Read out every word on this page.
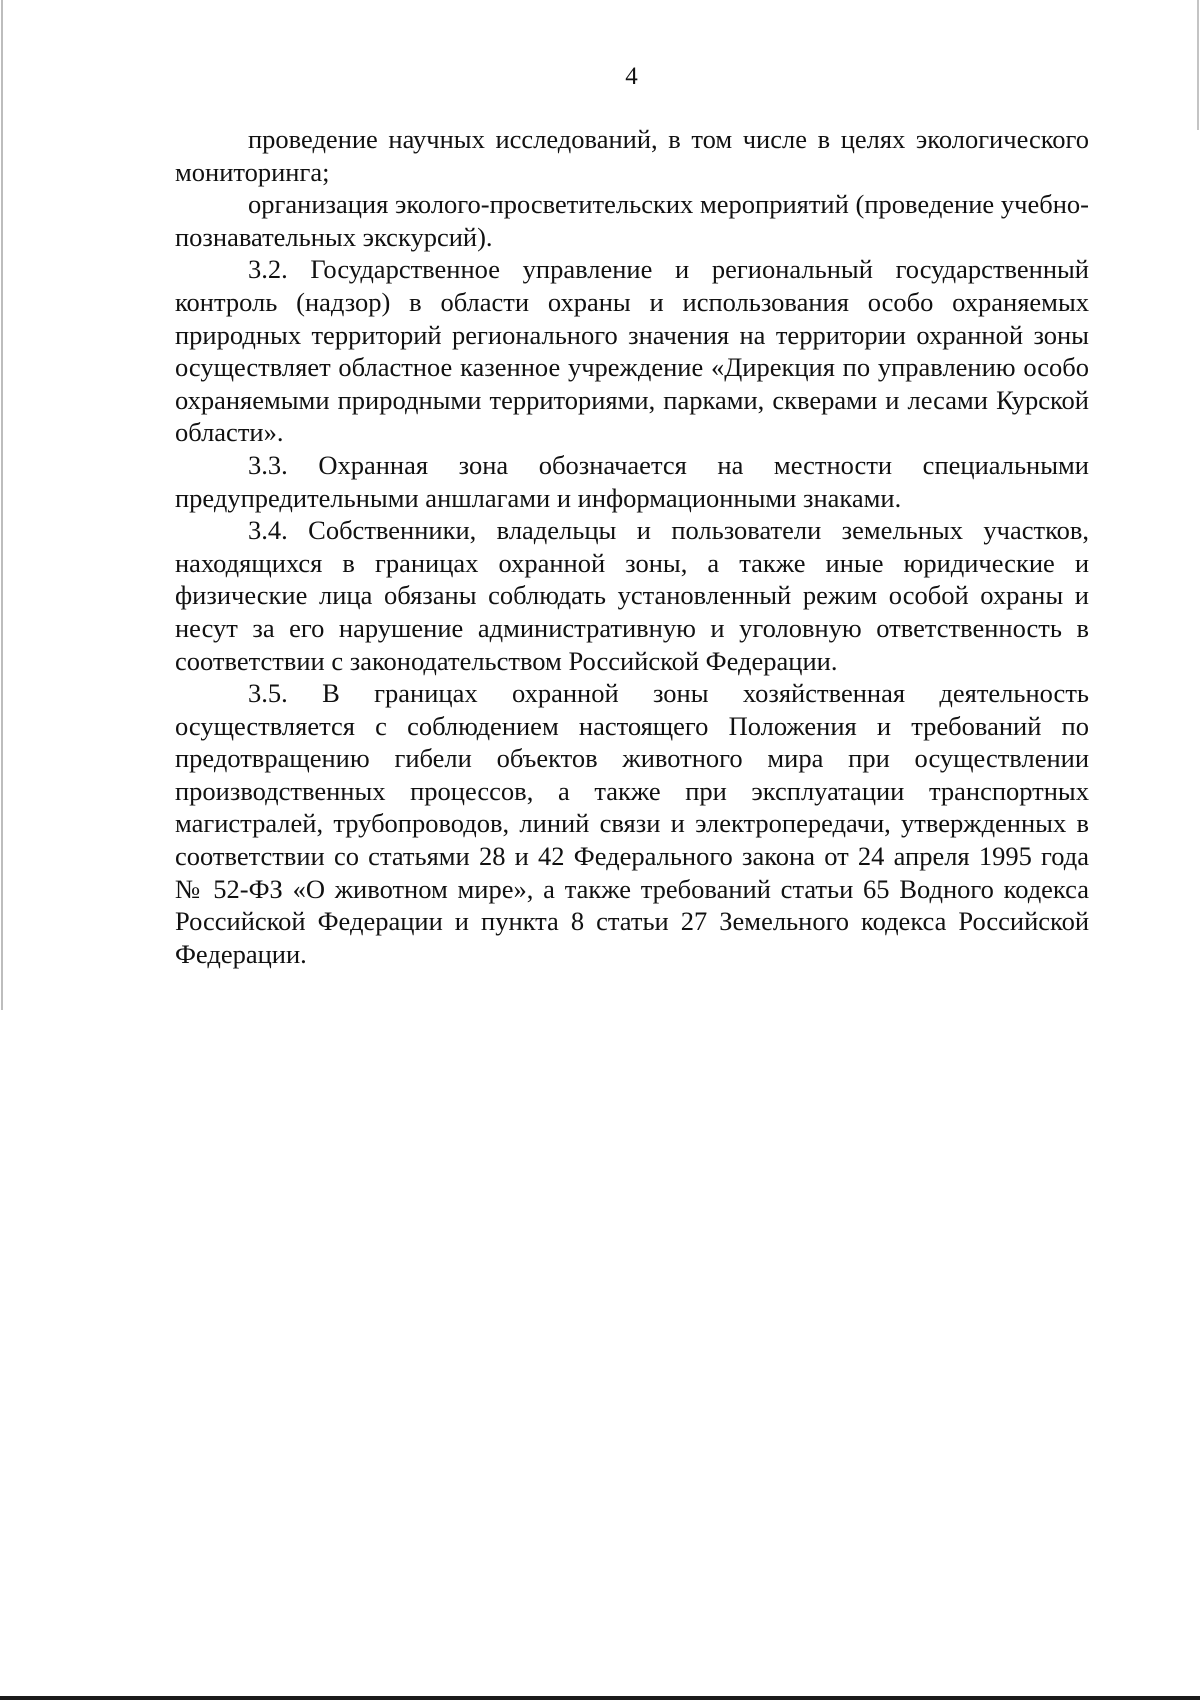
4

проведение научных исследований, в том числе в целях экологического мониторинга;

организация эколого-просветительских мероприятий (проведение учебно-познавательных экскурсий).

3.2. Государственное управление и региональный государственный контроль (надзор) в области охраны и использования особо охраняемых природных территорий регионального значения на территории охранной зоны осуществляет областное казенное учреждение «Дирекция по управлению особо охраняемыми природными территориями, парками, скверами и лесами Курской области».

3.3. Охранная зона обозначается на местности специальными предупредительными аншлагами и информационными знаками.

3.4. Собственники, владельцы и пользователи земельных участков, находящихся в границах охранной зоны, а также иные юридические и физические лица обязаны соблюдать установленный режим особой охраны и несут за его нарушение административную и уголовную ответственность в соответствии с законодательством Российской Федерации.

3.5. В границах охранной зоны хозяйственная деятельность осуществляется с соблюдением настоящего Положения и требований по предотвращению гибели объектов животного мира при осуществлении производственных процессов, а также при эксплуатации транспортных магистралей, трубопроводов, линий связи и электропередачи, утвержденных в соответствии со статьями 28 и 42 Федерального закона от 24 апреля 1995 года № 52-ФЗ «О животном мире», а также требований статьи 65 Водного кодекса Российской Федерации и пункта 8 статьи 27 Земельного кодекса Российской Федерации.
